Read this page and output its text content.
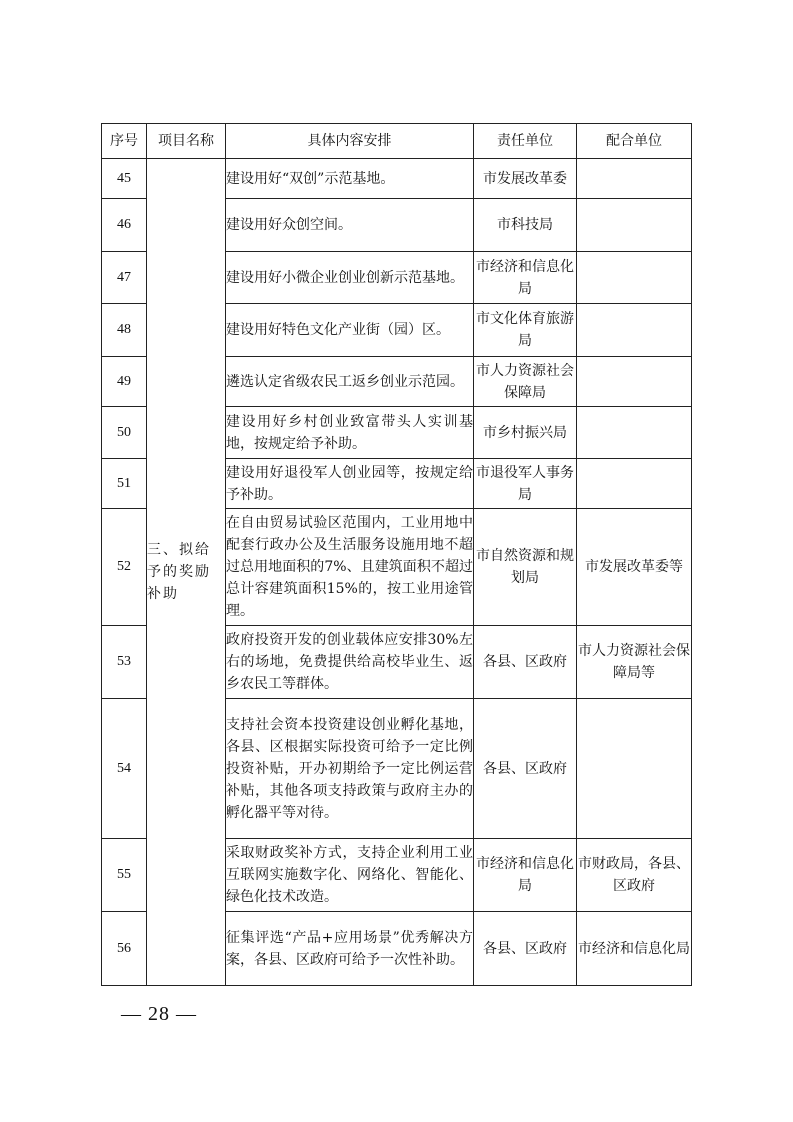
序号	项目名称	具体内容安排	责任单位	配合单位
45	三、拟给予的奖励补助	建设用好“双创”示范基地。	市发展改革委	
46		建设用好众创空间。	市科技局	
47		建设用好小微企业创业创新示范基地。	市经济和信息化局	
48		建设用好特色文化产业街（园）区。	市文化体育旅游局	
49		遴选认定省级农民工返乡创业示范园。	市人力资源社会保障局	
50		建设用好乡村创业致富带头人实训基地，按规定给予补助。	市乡村振兴局	
51		建设用好退役军人创业园等，按规定给予补助。	市退役军人事务局	
52		在自由贸易试验区范围内，工业用地中配套行政办公及生活服务设施用地不超过总用地面积的7%、且建筑面积不超过总计容建筑面积15%的，按工业用途管理。	市自然资源和规划局	市发展改革委等
53		政府投资开发的创业载体应安排30%左右的场地，免费提供给高校毕业生、返乡农民工等群体。	各县、区政府	市人力资源社会保障局等
54		支持社会资本投资建设创业孵化基地，各县、区根据实际投资可给予一定比例投资补贴，开办初期给予一定比例运营补贴，其他各项支持政策与政府主办的孵化器平等对待。	各县、区政府	
55		采取财政奖补方式，支持企业利用工业互联网实施数字化、网络化、智能化、绿色化技术改造。	市经济和信息化局	市财政局，各县、区政府
56		征集评选“产品+应用场景”优秀解决方案，各县、区政府可给予一次性补助。	各县、区政府	市经济和信息化局
— 28 —
